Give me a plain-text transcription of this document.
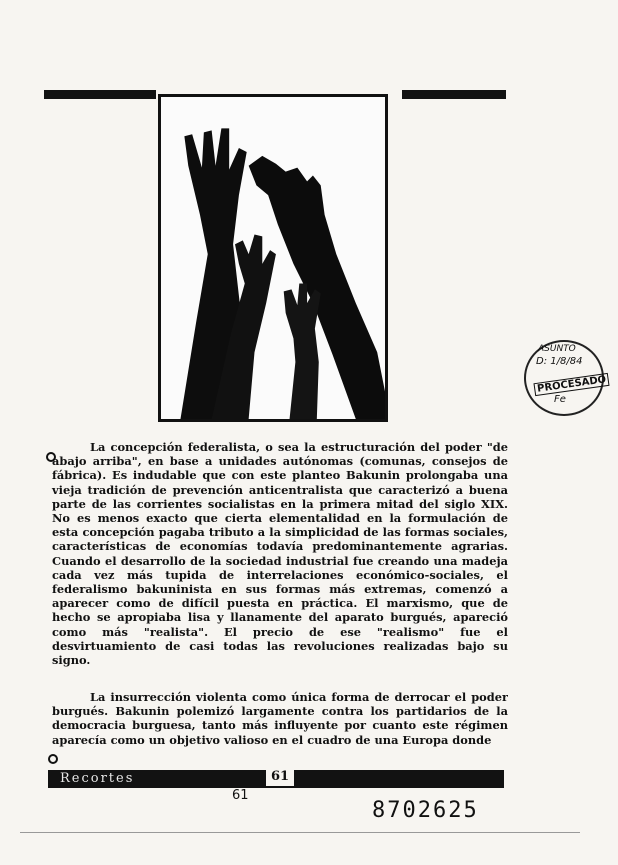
ASUNTO
D: 1/8/84
PROCESADO
Fe
La concepción federalista, o sea la estructuración del poder "de abajo arriba", en base a unidades autónomas (comunas, consejos de fábrica). Es indudable que con este planteo Bakunin prolongaba una vieja tradición de prevención anticentralista que caracterizó a buena parte de las corrientes socialistas en la primera mitad del siglo XIX. No es menos exacto que cierta elementalidad en la formulación de esta concepción pagaba tributo a la simplicidad de las formas sociales, características de economías todavía predominantemente agrarias. Cuando el desarrollo de la sociedad industrial fue creando una madeja cada vez más tupida de interrelaciones económico-sociales, el federalismo bakuninista en sus formas más extremas, comenzó a aparecer como de difícil puesta en práctica. El marxismo, que de hecho se apropiaba lisa y llanamente del aparato burgués, apareció como más "realista". El precio de ese "realismo" fue el desvirtuamiento de casi todas las revoluciones realizadas bajo su signo.
La insurrección violenta como única forma de derrocar el poder burgués. Bakunin polemizó largamente contra los partidarios de la democracia burguesa, tanto más influyente por cuanto este régimen aparecía como un objetivo valioso en el cuadro de una Europa donde
Recortes	61
61
8702625
